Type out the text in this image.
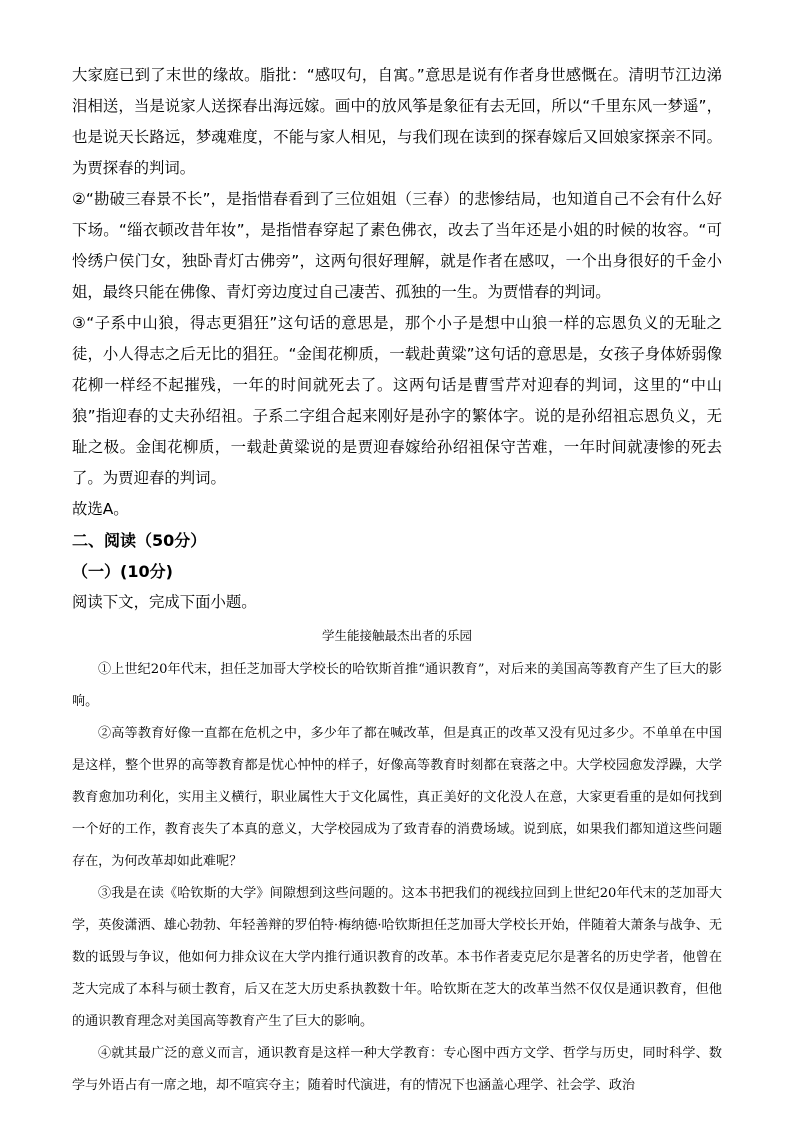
大家庭已到了末世的缘故。脂批：“感叹句，自寓。”意思是说有作者身世感慨在。清明节江边涕泪相送，当是说家人送探春出海远嫁。画中的放风筝是象征有去无回，所以“千里东风一梦遥”，也是说天长路远，梦魂难度，不能与家人相见，与我们现在读到的探春嫁后又回娘家探亲不同。为贾探春的判词。

②“勘破三春景不长”，是指惜春看到了三位姐姐（三春）的悲惨结局，也知道自己不会有什么好下场。“缁衣顿改昔年妆”，是指惜春穿起了素色佛衣，改去了当年还是小姐的时候的妆容。“可怜绣户侯门女，独卧青灯古佛旁”，这两句很好理解，就是作者在感叹，一个出身很好的千金小姐，最终只能在佛像、青灯旁边度过自己凄苦、孤独的一生。为贾惜春的判词。

③“子系中山狼，得志更猖狂”这句话的意思是，那个小子是想中山狼一样的忘恩负义的无耻之徒，小人得志之后无比的猖狂。“金闺花柳质，一载赴黄粱”这句话的意思是，女孩子身体娇弱像花柳一样经不起摧残，一年的时间就死去了。这两句话是曹雪芹对迎春的判词，这里的“中山狼”指迎春的丈夫孙绍祖。子系二字组合起来刚好是孙字的繁体字。说的是孙绍祖忘恩负义，无耻之极。金闺花柳质，一载赴黄粱说的是贾迎春嫁给孙绍祖保守苦难，一年时间就凄惨的死去了。为贾迎春的判词。

故选A。

二、阅读（50分）

（一）(10分)

阅读下文，完成下面小题。

学生能接触最杰出者的乐园

①上世纪20年代末，担任芝加哥大学校长的哈钦斯首推“通识教育”，对后来的美国高等教育产生了巨大的影响。

②高等教育好像一直都在危机之中，多少年了都在喊改革，但是真正的改革又没有见过多少。不单单在中国是这样，整个世界的高等教育都是忧心忡忡的样子，好像高等教育时刻都在衰落之中。大学校园愈发浮躁，大学教育愈加功利化，实用主义横行，职业属性大于文化属性，真正美好的文化没人在意，大家更看重的是如何找到一个好的工作，教育丧失了本真的意义，大学校园成为了致青春的消费场域。说到底，如果我们都知道这些问题存在，为何改革却如此难呢？

③我是在读《哈钦斯的大学》间隙想到这些问题的。这本书把我们的视线拉回到上世纪20年代末的芝加哥大学，英俊潇洒、雄心勃勃、年轻善辩的罗伯特·梅纳德·哈钦斯担任芝加哥大学校长开始，伴随着大萧条与战争、无数的诋毁与争议，他如何力排众议在大学内推行通识教育的改革。本书作者麦克尼尔是著名的历史学者，他曾在芝大完成了本科与硕士教育，后又在芝大历史系执教数十年。哈钦斯在芝大的改革当然不仅仅是通识教育，但他的通识教育理念对美国高等教育产生了巨大的影响。

④就其最广泛的意义而言，通识教育是这样一种大学教育：专心图中西方文学、哲学与历史，同时科学、数学与外语占有一席之地，却不喧宾夺主；随着时代演进，有的情况下也涵盖心理学、社会学、政治
